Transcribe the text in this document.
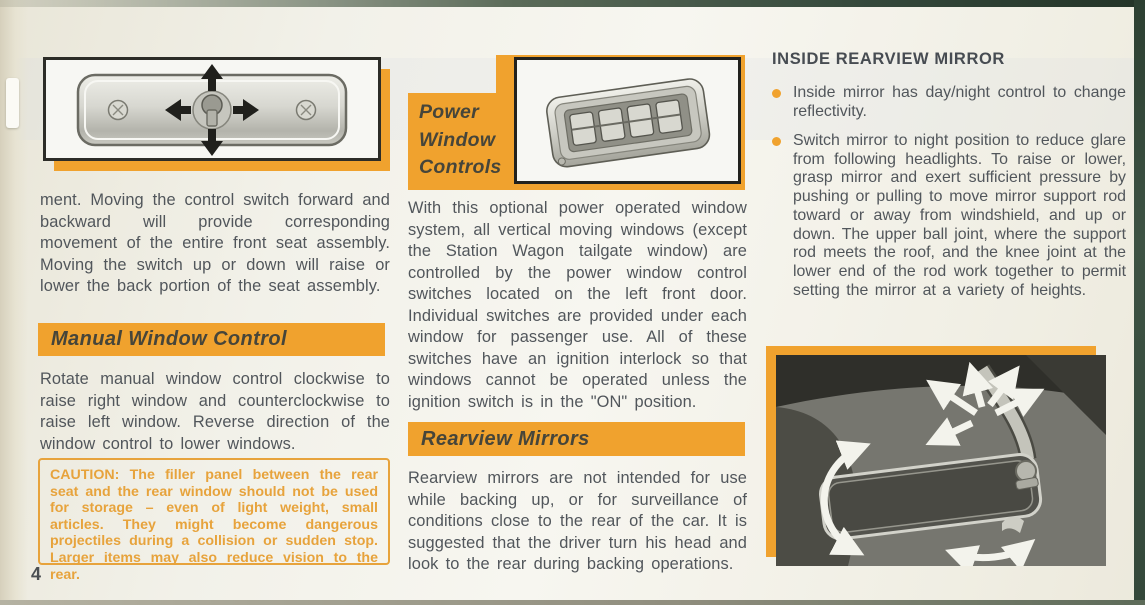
ment. Moving the control switch forward and backward will provide corresponding movement of the entire front seat assembly. Moving the switch up or down will raise or lower the back portion of the seat assembly.

Manual Window Control

Rotate manual window control clockwise to raise right window and counterclockwise to raise left window. Reverse direction of the window control to lower windows.

CAUTION: The filler panel between the rear seat and the rear window should not be used for storage – even of light weight, small articles. They might become dangerous projectiles during a collision or sudden stop. Larger items may also reduce vision to the rear.
4
Power
Window
Controls

With this optional power operated window system, all vertical moving windows (except the Station Wagon tailgate window) are controlled by the power window control switches located on the left front door. Individual switches are provided under each window for passenger use. All of these switches have an ignition interlock so that windows cannot be operated unless the ignition switch is in the "ON" position.

Rearview Mirrors

Rearview mirrors are not intended for use while backing up, or for surveillance of conditions close to the rear of the car. It is suggested that the driver turn his head and look to the rear during backing operations.

INSIDE REARVIEW MIRROR
Inside mirror has day/night control to change reflectivity.
Switch mirror to night position to reduce glare from following headlights. To raise or lower, grasp mirror and exert sufficient pressure by pushing or pulling to move mirror support rod toward or away from windshield, and up or down. The upper ball joint, where the support rod meets the roof, and the knee joint at the lower end of the rod work together to permit setting the mirror at a variety of heights.
